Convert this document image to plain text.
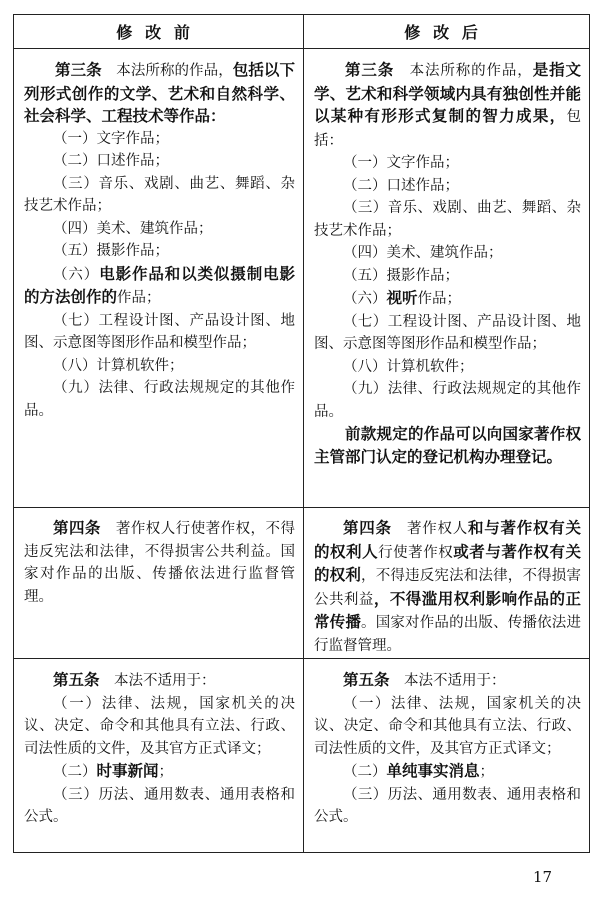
修改前	修改后

第三条　本法所称的作品，包括以下列形式创作的文学、艺术和自然科学、社会科学、工程技术等作品：

（一）文字作品；

（二）口述作品；

（三）音乐、戏剧、曲艺、舞蹈、杂技艺术作品；

（四）美术、建筑作品；

（五）摄影作品；

（六）电影作品和以类似摄制电影的方法创作的作品；

（七）工程设计图、产品设计图、地图、示意图等图形作品和模型作品；

（八）计算机软件；

（九）法律、行政法规规定的其他作品。

第三条　本法所称的作品，是指文学、艺术和科学领域内具有独创性并能以某种有形形式复制的智力成果，包括：

（一）文字作品；

（二）口述作品；

（三）音乐、戏剧、曲艺、舞蹈、杂技艺术作品；

（四）美术、建筑作品；

（五）摄影作品；

（六）视听作品；

（七）工程设计图、产品设计图、地图、示意图等图形作品和模型作品；

（八）计算机软件；

（九）法律、行政法规规定的其他作品。

前款规定的作品可以向国家著作权主管部门认定的登记机构办理登记。

第四条　著作权人行使著作权，不得违反宪法和法律，不得损害公共利益。国家对作品的出版、传播依法进行监督管理。

第四条　著作权人和与著作权有关的权利人行使著作权或者与著作权有关的权利，不得违反宪法和法律，不得损害公共利益，不得滥用权利影响作品的正常传播。国家对作品的出版、传播依法进行监督管理。

第五条　本法不适用于：

（一）法律、法规，国家机关的决议、决定、命令和其他具有立法、行政、司法性质的文件，及其官方正式译文；

（二）时事新闻；

（三）历法、通用数表、通用表格和公式。

第五条　本法不适用于：

（一）法律、法规，国家机关的决议、决定、命令和其他具有立法、行政、司法性质的文件，及其官方正式译文；

（二）单纯事实消息；

（三）历法、通用数表、通用表格和公式。

17
